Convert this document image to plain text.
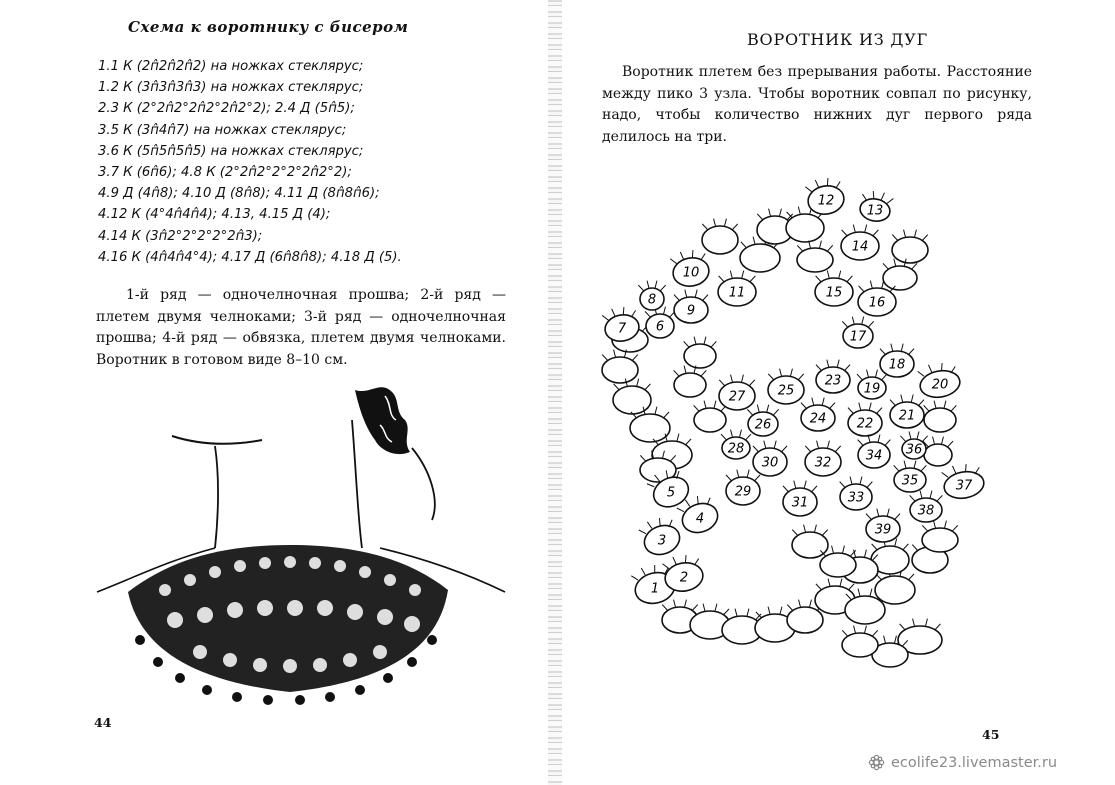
Схема к воротнику с бисером
1.1 К (2п̂2п̂2п̂2) на ножках стеклярус;
1.2 К (3п̂3п̂3п̂3) на ножках стеклярус;
2.3 К (2°2п̂2°2п̂2°2п̂2°2); 2.4 Д (5п̂5);
3.5 К (3п̂4п̂7) на ножках стеклярус;
3.6 К (5п̂5п̂5п̂5) на ножках стеклярус;
3.7 К (6п̂6); 4.8 К (2°2п̂2°2°2°2п̂2°2);
4.9 Д (4п̂8); 4.10 Д (8п̂8); 4.11 Д (8п̂8п̂6);
4.12 К (4°4п̂4п̂4); 4.13, 4.15 Д (4);
4.14 К (3п̂2°2°2°2°2п̂3);
4.16 К (4п̂4п̂4°4); 4.17 Д (6п̂8п̂8); 4.18 Д (5).

1-й ряд — одночелночная прошва; 2-й ряд — плетем двумя челноками; 3-й ряд — одночелночная прошва; 4-й ряд — обвязка, плетем двумя челноками. Воротник в готовом виде 8–10 см.

44
ВОРОТНИК ИЗ ДУГ

Воротник плетем без прерывания работы. Расстояние между пико 3 узла. Чтобы воротник совпал по рисунку, надо, чтобы количество нижних дуг первого ряда делилось на три.

1
2
3
4
5
6
7
8
9
10
11
12
13
14
15
16
17
18
19	20
21
22
23
24
25
26
27
28
29
30
31
32
33
34
35
36
37
38
39
45
ecolife23.livemaster.ru
